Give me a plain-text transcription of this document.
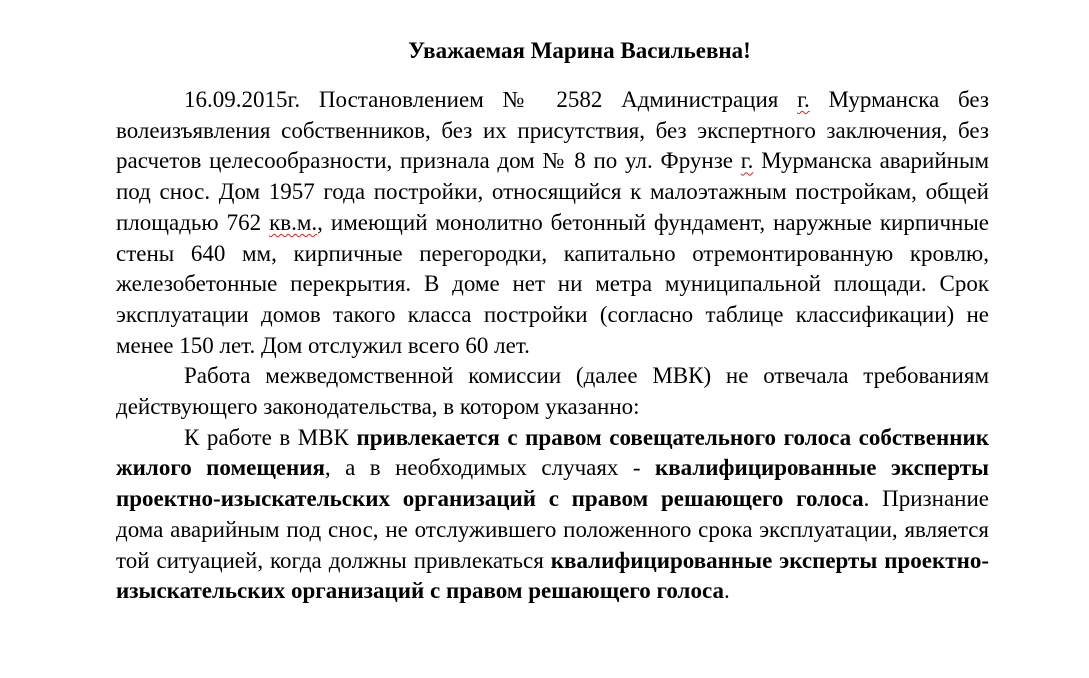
Уважаемая Марина Васильевна!

16.09.2015г. Постановлением № 2582 Администрация г. Мурманска без волеизъявления собственников, без их присутствия, без экспертного заключения, без расчетов целесообразности, признала дом № 8 по ул. Фрунзе г. Мурманска аварийным под снос. Дом 1957 года постройки, относящийся к малоэтажным постройкам, общей площадью 762 кв.м., имеющий монолитно бетонный фундамент, наружные кирпичные стены 640 мм, кирпичные перегородки, капитально отремонтированную кровлю, железобетонные перекрытия. В доме нет ни метра муниципальной площади. Срок эксплуатации домов такого класса постройки (согласно таблице классификации) не менее 150 лет. Дом отслужил всего 60 лет.

Работа межведомственной комиссии (далее МВК) не отвечала требованиям действующего законодательства, в котором указанно:

К работе в МВК привлекается с правом совещательного голоса собственник жилого помещения, а в необходимых случаях - квалифицированные эксперты проектно-изыскательских организаций с правом решающего голоса. Признание дома аварийным под снос, не отслужившего положенного срока эксплуатации, является той ситуацией, когда должны привлекаться квалифицированные эксперты проектно-изыскательских организаций с правом решающего голоса.
